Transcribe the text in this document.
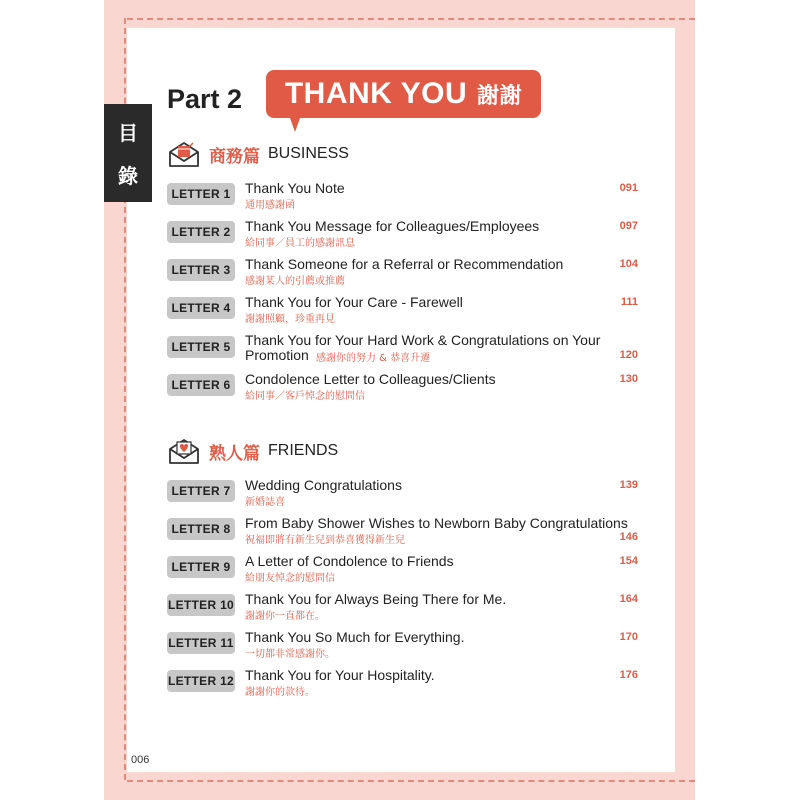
目
錄
Part 2 THANK YOU 謝謝
商務篇 BUSINESS
LETTER 1	Thank You Note
通用感謝函
091
LETTER 2	Thank You Message for Colleagues/Employees
給同事／員工的感謝訊息
097
LETTER 3	Thank Someone for a Referral or Recommendation
感謝某人的引薦或推薦
104
LETTER 4	Thank You for Your Care - Farewell
謝謝照顧，珍重再見
111
LETTER 5	Thank You for Your Hard Work & Congratulations on Your
Promotion 感謝你的努力 & 恭喜升遷	120
LETTER 6	Condolence Letter to Colleagues/Clients
給同事／客戶悼念的慰問信
130
熟人篇 FRIENDS
LETTER 7	Wedding Congratulations
新婚誌喜
139
LETTER 8	From Baby Shower Wishes to Newborn Baby Congratulations
祝福即將有新生兒到恭喜獲得新生兒	146
LETTER 9	A Letter of Condolence to Friends
給朋友悼念的慰問信
154
LETTER 10 Thank You for Always Being There for Me.
謝謝你一直都在。
164
LETTER 11 Thank You So Much for Everything.
一切都非常感謝你。
170
LETTER 12 Thank You for Your Hospitality.
謝謝你的款待。
176
006
